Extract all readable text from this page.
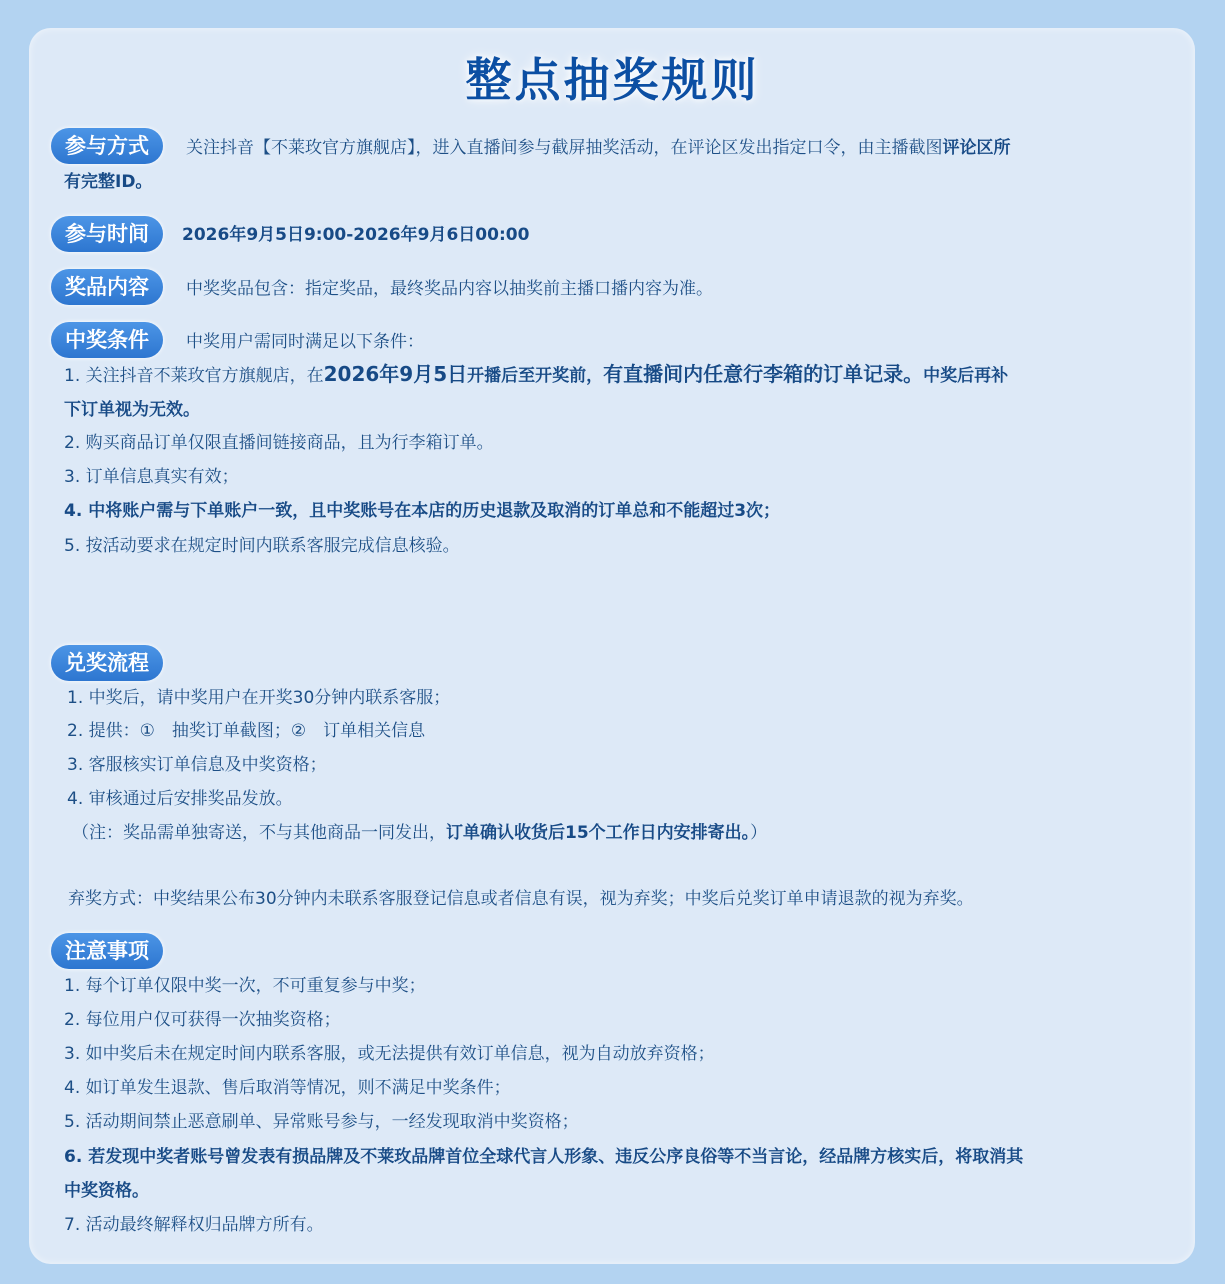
整点抽奖规则
参与方式	关注抖音【不莱玫官方旗舰店】，进入直播间参与截屏抽奖活动，在评论区发出指定口令，由主播截图评论区所
有完整ID。
参与时间	2026年9月5日9:00-2026年9月6日00:00
奖品内容	中奖奖品包含：指定奖品，最终奖品内容以抽奖前主播口播内容为准。
中奖条件	中奖用户需同时满足以下条件：
1. 关注抖音不莱玫官方旗舰店，在2026年9月5日开播后至开奖前，有直播间内任意行李箱的订单记录。中奖后再补
下订单视为无效。
2. 购买商品订单仅限直播间链接商品，且为行李箱订单。
3. 订单信息真实有效；
4. 中将账户需与下单账户一致，且中奖账号在本店的历史退款及取消的订单总和不能超过3次；
5. 按活动要求在规定时间内联系客服完成信息核验。
兑奖流程
1. 中奖后，请中奖用户在开奖30分钟内联系客服；
2. 提供：①　抽奖订单截图；②　订单相关信息
3. 客服核实订单信息及中奖资格；
4. 审核通过后安排奖品发放。
（注：奖品需单独寄送，不与其他商品一同发出，订单确认收货后15个工作日内安排寄出。）
弃奖方式：中奖结果公布30分钟内未联系客服登记信息或者信息有误，视为弃奖；中奖后兑奖订单申请退款的视为弃奖。
注意事项
1. 每个订单仅限中奖一次，不可重复参与中奖；
2. 每位用户仅可获得一次抽奖资格；
3. 如中奖后未在规定时间内联系客服，或无法提供有效订单信息，视为自动放弃资格；
4. 如订单发生退款、售后取消等情况，则不满足中奖条件；
5. 活动期间禁止恶意刷单、异常账号参与，一经发现取消中奖资格；
6. 若发现中奖者账号曾发表有损品牌及不莱玫品牌首位全球代言人形象、违反公序良俗等不当言论，经品牌方核实后，将取消其
中奖资格。
7. 活动最终解释权归品牌方所有。
